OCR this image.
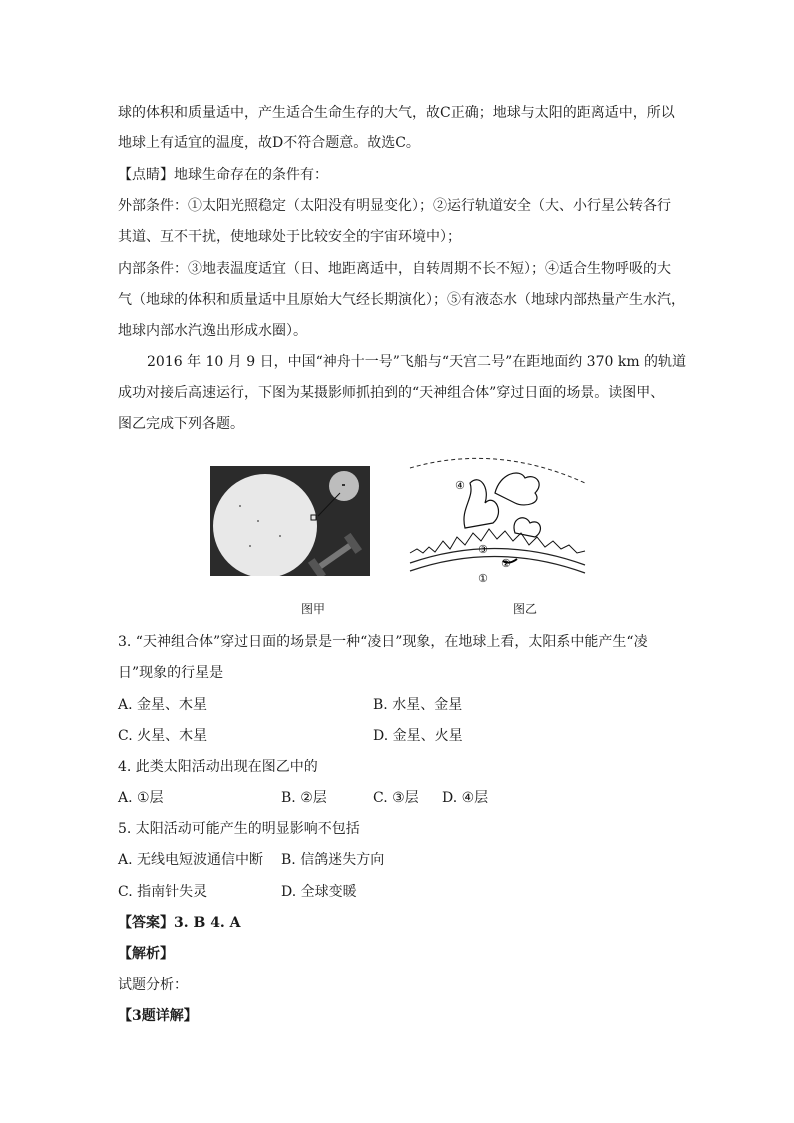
球的体积和质量适中，产生适合生命生存的大气，故C正确；地球与太阳的距离适中，所以
地球上有适宜的温度，故D不符合题意。故选C。
【点睛】地球生命存在的条件有：
外部条件：①太阳光照稳定（太阳没有明显变化）；②运行轨道安全（大、小行星公转各行
其道、互不干扰，使地球处于比较安全的宇宙环境中）；
内部条件：③地表温度适宜（日、地距离适中，自转周期不长不短）；④适合生物呼吸的大
气（地球的体积和质量适中且原始大气经长期演化）；⑤有液态水（地球内部热量产生水汽，
地球内部水汽逸出形成水圈）。
2016 年 10 月 9 日，中国“神舟十一号”飞船与“天宫二号”在距地面约 370 km 的轨道
成功对接后高速运行，下图为某摄影师抓拍到的“天神组合体”穿过日面的场景。读图甲、
图乙完成下列各题。
图甲
④
③
②
①
图乙
3. “天神组合体”穿过日面的场景是一种“凌日”现象，在地球上看，太阳系中能产生“凌
日”现象的行星是
A. 金星、木星	B. 水星、金星
C. 火星、木星	D. 金星、火星
4. 此类太阳活动出现在图乙中的
A. ①层	B. ②层	C. ③层 D. ④层
5. 太阳活动可能产生的明显影响不包括
A. 无线电短波通信中断 B. 信鸽迷失方向
C. 指南针失灵	D. 全球变暖
【答案】3. B 4. A
【解析】
试题分析：
【3题详解】
